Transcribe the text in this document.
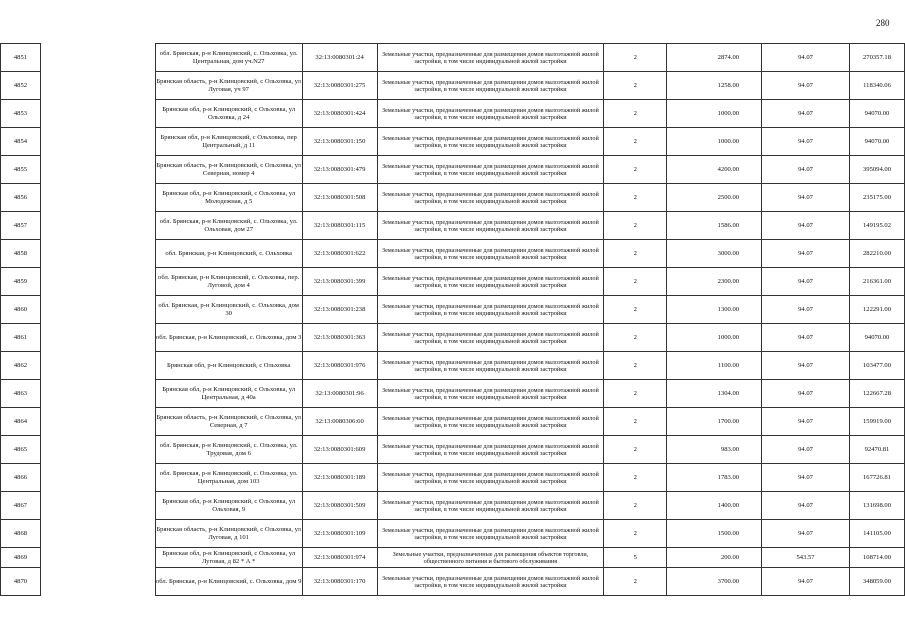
280
4851		обл. Брянская, р-н Клинцовский, с. Ольховка, ул. Центральная, дом уч.N27	32:13:0080301:24	Земельные участки, предназначенные для размещения домов малоэтажной жилой застройки, в том числе индивидуальной жилой застройки	2	2874.00	94.07	270357.18
4852		Брянская область, р-н Клинцовский, с Ольховка, ул Луговая, уч 97	32:13:0080301:275	Земельные участки, предназначенные для размещения домов малоэтажной жилой застройки, в том числе индивидуальной жилой застройки	2	1258.00	94.07	118340.06
4853		Брянская обл, р-н Клинцовский, с Ольховка, ул Ольховка, д 24	32:13:0080301:424	Земельные участки, предназначенные для размещения домов малоэтажной жилой застройки, в том числе индивидуальной жилой застройки	2	1000.00	94.07	94070.00
4854		Брянская обл, р-н Клинцовский, с Ольховка, пер Центральный, д 11	32:13:0080301:150	Земельные участки, предназначенные для размещения домов малоэтажной жилой застройки, в том числе индивидуальной жилой застройки	2	1000.00	94.07	94070.00
4855		Брянская область, р-н Клинцовский, с Ольховка, ул Северная, номер 4	32:13:0080301:479	Земельные участки, предназначенные для размещения домов малоэтажной жилой застройки, в том числе индивидуальной жилой застройки	2	4200.00	94.07	395094.00
4856		Брянская обл, р-н Клинцовский, с Ольховка, ул Молодежная, д 5	32:13:0080301:508	Земельные участки, предназначенные для размещения домов малоэтажной жилой застройки, в том числе индивидуальной жилой застройки	2	2500.00	94.07	235175.00
4857		обл. Брянская, р-н Клинцовский, с. Ольховка, ул. Ольховая, дом 27	32:13:0080301:115	Земельные участки, предназначенные для размещения домов малоэтажной жилой застройки, в том числе индивидуальной жилой застройки	2	1586.00	94.07	149195.02
4858		обл. Брянская, р-н Клинцовский, с. Ольховка	32:13:0080301:622	Земельные участки, предназначенные для размещения домов малоэтажной жилой застройки, в том числе индивидуальной жилой застройки	2	3000.00	94.07	282210.00
4859		обл. Брянская, р-н Клинцовский, с. Ольховка, пер. Луговой, дом 4	32:13:0080301:399	Земельные участки, предназначенные для размещения домов малоэтажной жилой застройки, в том числе индивидуальной жилой застройки	2	2300.00	94.07	216361.00
4860		обл. Брянская, р-н Клинцовский, с. Ольховка, дом 30	32:13:0080301:238	Земельные участки, предназначенные для размещения домов малоэтажной жилой застройки, в том числе индивидуальной жилой застройки	2	1300.00	94.07	122291.00
4861		обл. Брянская, р-н Клинцовский, с. Ольховка, дом 3	32:13:0080301:363	Земельные участки, предназначенные для размещения домов малоэтажной жилой застройки, в том числе индивидуальной жилой застройки	2	1000.00	94.07	94070.00
4862		Брянская обл, р-н Клинцовский, с Ольховка	32:13:0080301:976	Земельные участки, предназначенные для размещения домов малоэтажной жилой застройки, в том числе индивидуальной жилой застройки	2	1100.00	94.07	103477.00
4863		Брянская обл, р-н Клинцовский, с Ольховка, ул Центральная, д 40а	32:13:0080301:96	Земельные участки, предназначенные для размещения домов малоэтажной жилой застройки, в том числе индивидуальной жилой застройки	2	1304.00	94.07	122667.28
4864		Брянская область, р-н Клинцовский, с Ольховка, ул Северная, д 7	32:13:0080306:60	Земельные участки, предназначенные для размещения домов малоэтажной жилой застройки, в том числе индивидуальной жилой застройки	2	1700.00	94.07	159919.00
4865		обл. Брянская, р-н Клинцовский, с. Ольховка, ул. Трудовая, дом 6	32:13:0080301:609	Земельные участки, предназначенные для размещения домов малоэтажной жилой застройки, в том числе индивидуальной жилой застройки	2	983.00	94.07	92470.81
4866		обл. Брянская, р-н Клинцовский, с. Ольховка, ул. Центральная, дом 103	32:13:0080301:189	Земельные участки, предназначенные для размещения домов малоэтажной жилой застройки, в том числе индивидуальной жилой застройки	2	1783.00	94.07	167726.81
4867		Брянская обл, р-н Клинцовский, с Ольховка, ул Ольховая, 9	32:13:0080301:509	Земельные участки, предназначенные для размещения домов малоэтажной жилой застройки, в том числе индивидуальной жилой застройки	2	1400.00	94.07	131698.00
4868		Брянская область, р-н Клинцовский, с Ольховка, ул Луговая, д 101	32:13:0080301:109	Земельные участки, предназначенные для размещения домов малоэтажной жилой застройки, в том числе индивидуальной жилой застройки	2	1500.00	94.07	141105.00
4869		Брянская обл, р-н Клинцовский, с Ольховка, ул Луговая, д 82 * А *	32:13:0080301:974	Земельные участки, предназначенные для размещения объектов торговли, общественного питания и бытового обслуживания	5	200.00	543.57	108714.00
4870		обл. Брянская, р-н Клинцовский, с. Ольховка, дом 9	32:13:0080301:170	Земельные участки, предназначенные для размещения домов малоэтажной жилой застройки, в том числе индивидуальной жилой застройки	2	3700.00	94.07	348059.00
